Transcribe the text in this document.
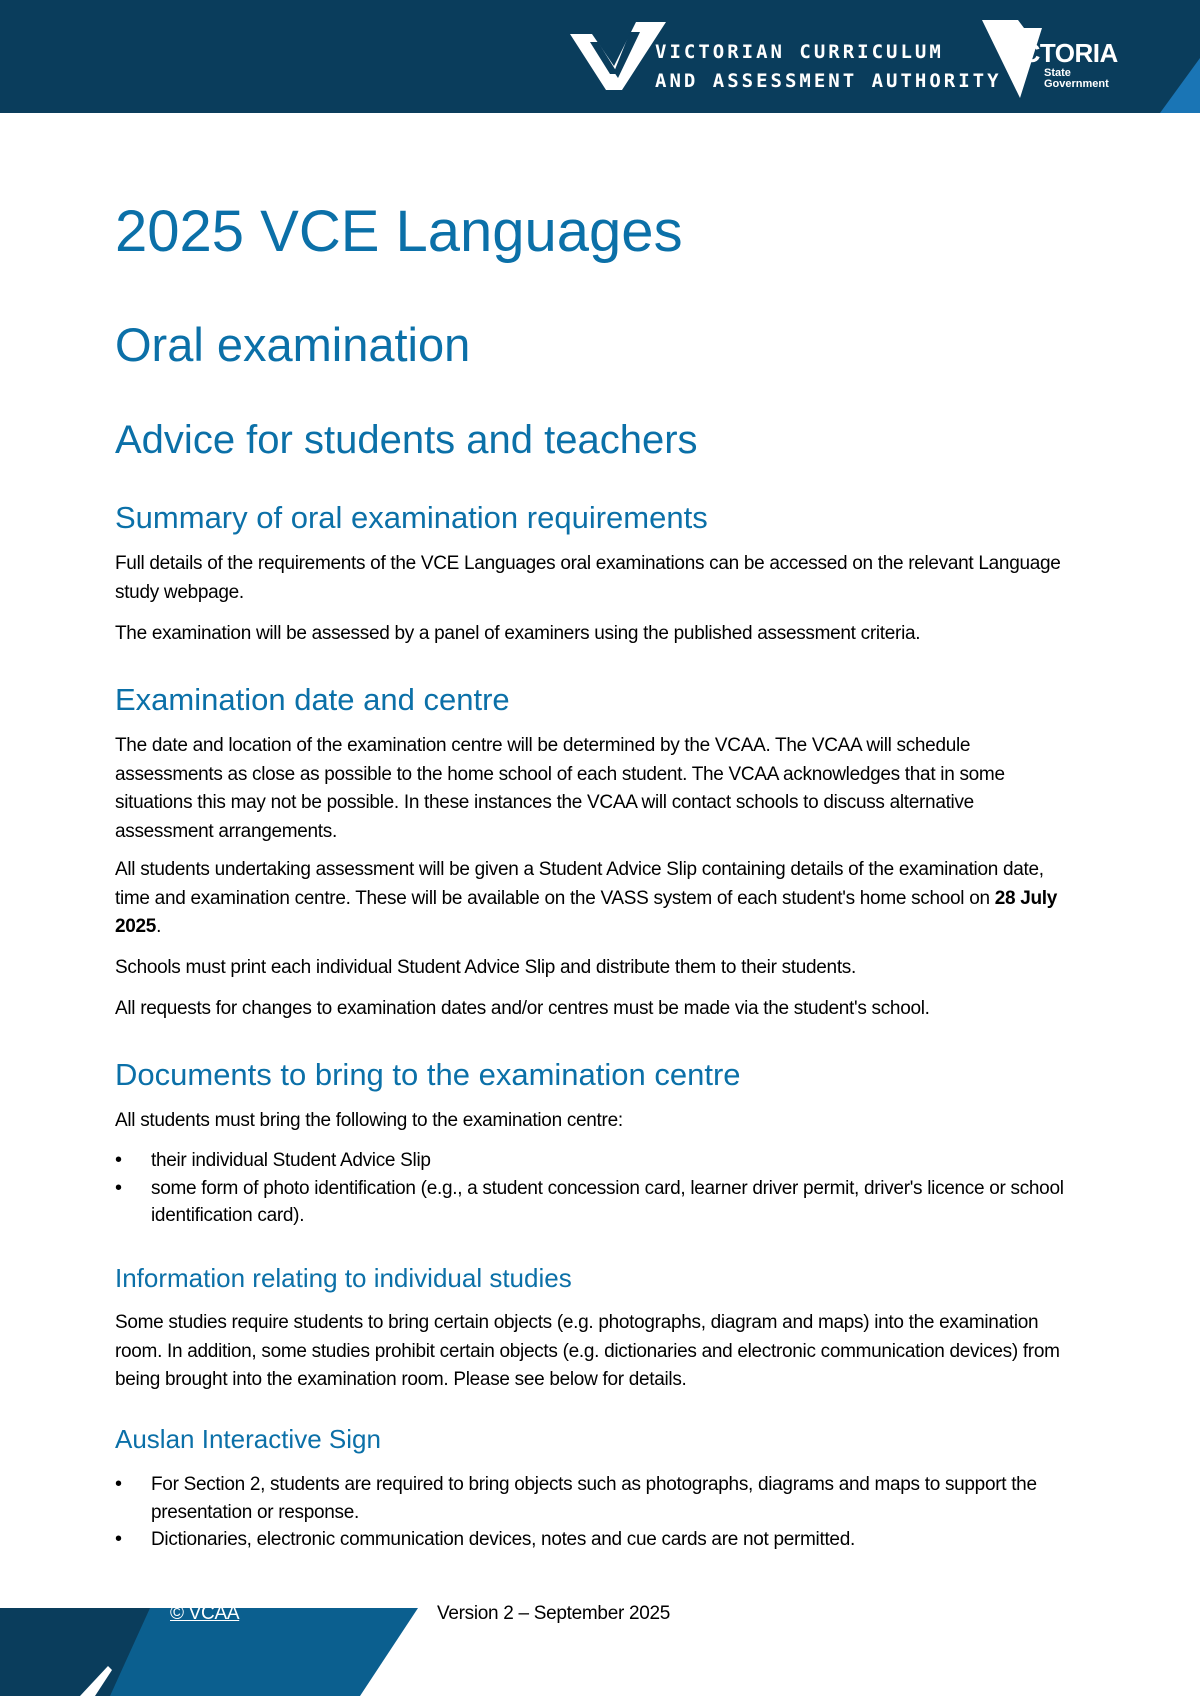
VICTORIAN CURRICULUM
AND ASSESSMENT AUTHORITY
VICTORIA
State
Government
2025 VCE Languages
Oral examination
Advice for students and teachers
Summary of oral examination requirements

Full details of the requirements of the VCE Languages oral examinations can be accessed on the relevant Language study webpage.

The examination will be assessed by a panel of examiners using the published assessment criteria.

Examination date and centre

The date and location of the examination centre will be determined by the VCAA. The VCAA will schedule assessments as close as possible to the home school of each student. The VCAA acknowledges that in some situations this may not be possible. In these instances the VCAA will contact schools to discuss alternative assessment arrangements.

All students undertaking assessment will be given a Student Advice Slip containing details of the examination date, time and examination centre. These will be available on the VASS system of each student's home school on 28 July 2025.

Schools must print each individual Student Advice Slip and distribute them to their students.

All requests for changes to examination dates and/or centres must be made via the student's school.

Documents to bring to the examination centre

All students must bring the following to the examination centre:

• their individual Student Advice Slip
• some form of photo identification (e.g., a student concession card, learner driver permit, driver's licence or school identification card).
Information relating to individual studies

Some studies require students to bring certain objects (e.g. photographs, diagram and maps) into the examination room. In addition, some studies prohibit certain objects (e.g. dictionaries and electronic communication devices) from being brought into the examination room. Please see below for details.

Auslan Interactive Sign
• For Section 2, students are required to bring objects such as photographs, diagrams and maps to support the presentation or response.
• Dictionaries, electronic communication devices, notes and cue cards are not permitted.
© VCAA	Version 2 – September 2025
